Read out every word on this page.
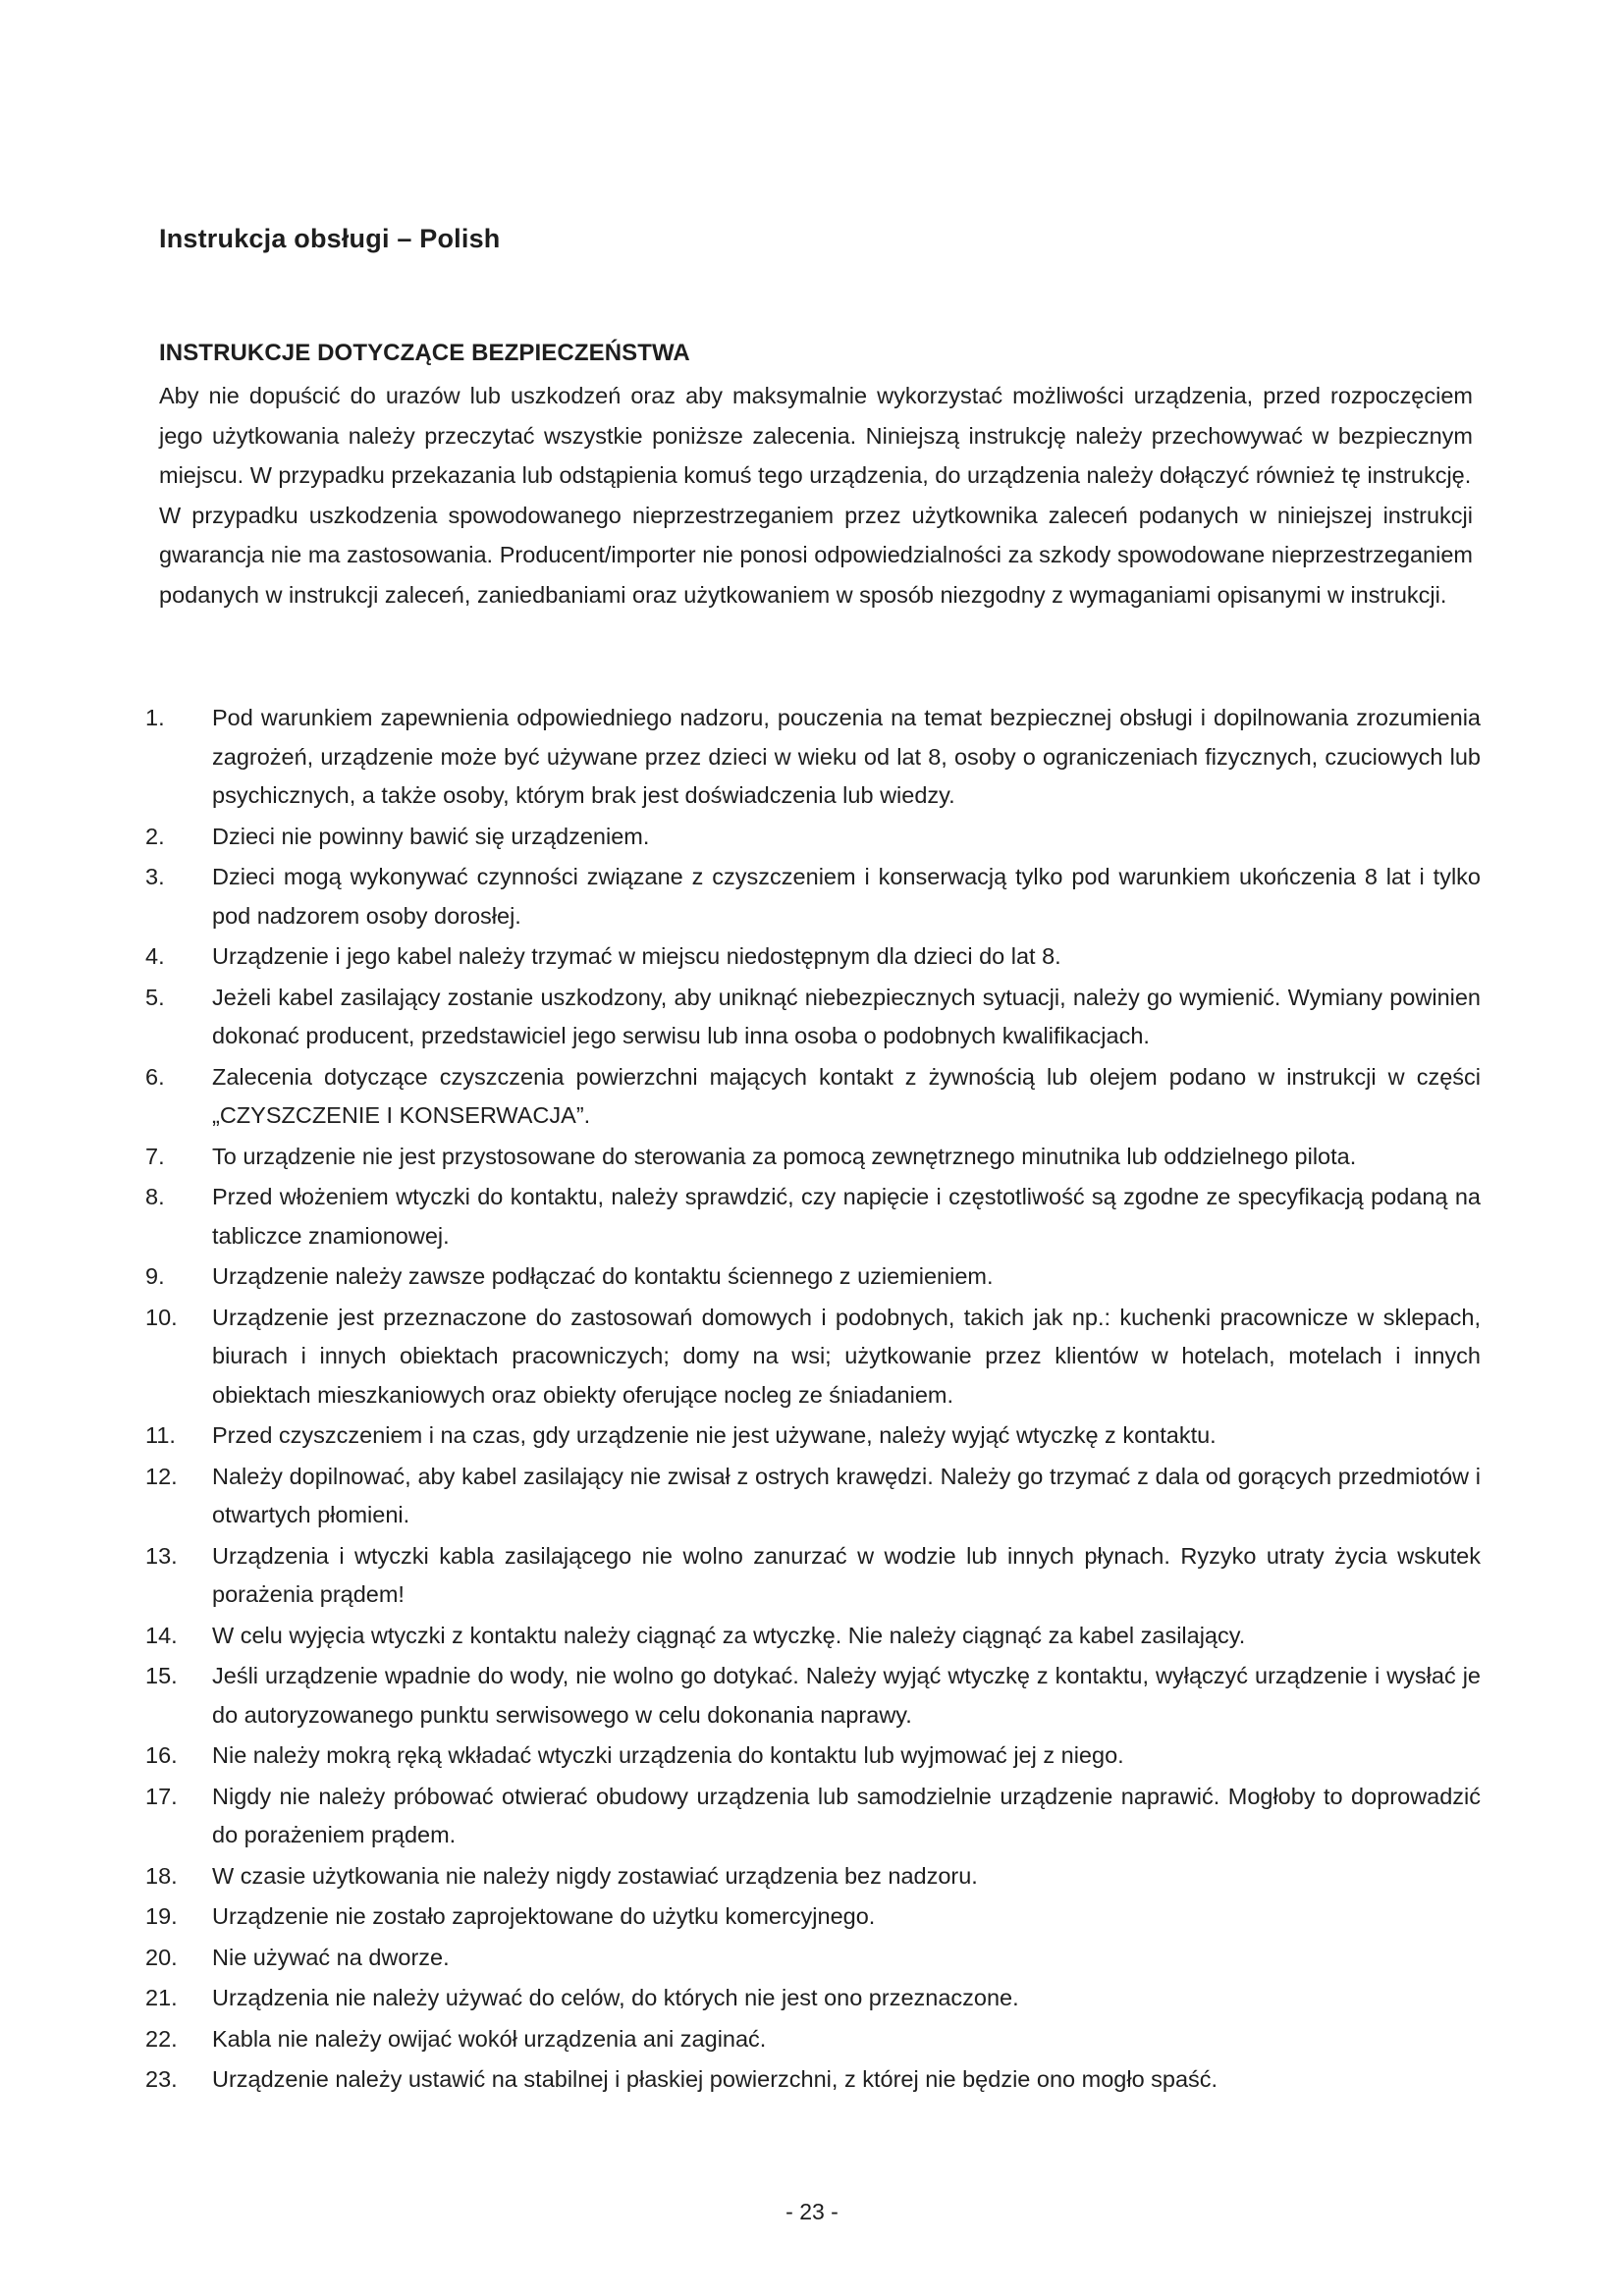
Instrukcja obsługi – Polish
INSTRUKCJE DOTYCZĄCE BEZPIECZEŃSTWA

Aby nie dopuścić do urazów lub uszkodzeń oraz aby maksymalnie wykorzystać możliwości urządzenia, przed rozpoczęciem jego użytkowania należy przeczytać wszystkie poniższe zalecenia. Niniejszą instrukcję należy przechowywać w bezpiecznym miejscu. W przypadku przekazania lub odstąpienia komuś tego urządzenia, do urządzenia należy dołączyć również tę instrukcję.

W przypadku uszkodzenia spowodowanego nieprzestrzeganiem przez użytkownika zaleceń podanych w niniejszej instrukcji gwarancja nie ma zastosowania. Producent/importer nie ponosi odpowiedzialności za szkody spowodowane nieprzestrzeganiem podanych w instrukcji zaleceń, zaniedbaniami oraz użytkowaniem w sposób niezgodny z wymaganiami opisanymi w instrukcji.

1.	Pod warunkiem zapewnienia odpowiedniego nadzoru, pouczenia na temat bezpiecznej obsługi i dopilnowania zrozumienia zagrożeń, urządzenie może być używane przez dzieci w wieku od lat 8, osoby o ograniczeniach fizycznych, czuciowych lub psychicznych, a także osoby, którym brak jest doświadczenia lub wiedzy.
2.	Dzieci nie powinny bawić się urządzeniem.
3.	Dzieci mogą wykonywać czynności związane z czyszczeniem i konserwacją tylko pod warunkiem ukończenia 8 lat i tylko pod nadzorem osoby dorosłej.
4.	Urządzenie i jego kabel należy trzymać w miejscu niedostępnym dla dzieci do lat 8.
5.	Jeżeli kabel zasilający zostanie uszkodzony, aby uniknąć niebezpiecznych sytuacji, należy go wymienić. Wymiany powinien dokonać producent, przedstawiciel jego serwisu lub inna osoba o podobnych kwalifikacjach.
6.	Zalecenia dotyczące czyszczenia powierzchni mających kontakt z żywnością lub olejem podano w instrukcji w części „CZYSZCZENIE I KONSERWACJA”.
7.	To urządzenie nie jest przystosowane do sterowania za pomocą zewnętrznego minutnika lub oddzielnego pilota.
8.	Przed włożeniem wtyczki do kontaktu, należy sprawdzić, czy napięcie i częstotliwość są zgodne ze specyfikacją podaną na tabliczce znamionowej.
9.	Urządzenie należy zawsze podłączać do kontaktu ściennego z uziemieniem.
10.	Urządzenie jest przeznaczone do zastosowań domowych i podobnych, takich jak np.: kuchenki pracownicze w sklepach, biurach i innych obiektach pracowniczych; domy na wsi; użytkowanie przez klientów w hotelach, motelach i innych obiektach mieszkaniowych oraz obiekty oferujące nocleg ze śniadaniem.
11.	Przed czyszczeniem i na czas, gdy urządzenie nie jest używane, należy wyjąć wtyczkę z kontaktu.
12.	Należy dopilnować, aby kabel zasilający nie zwisał z ostrych krawędzi. Należy go trzymać z dala od gorących przedmiotów i otwartych płomieni.
13.	Urządzenia i wtyczki kabla zasilającego nie wolno zanurzać w wodzie lub innych płynach. Ryzyko utraty życia wskutek porażenia prądem!
14.	W celu wyjęcia wtyczki z kontaktu należy ciągnąć za wtyczkę. Nie należy ciągnąć za kabel zasilający.
15.	Jeśli urządzenie wpadnie do wody, nie wolno go dotykać. Należy wyjąć wtyczkę z kontaktu, wyłączyć urządzenie i wysłać je do autoryzowanego punktu serwisowego w celu dokonania naprawy.
16.	Nie należy mokrą ręką wkładać wtyczki urządzenia do kontaktu lub wyjmować jej z niego.
17.	Nigdy nie należy próbować otwierać obudowy urządzenia lub samodzielnie urządzenie naprawić. Mogłoby to doprowadzić do porażeniem prądem.
18.	W czasie użytkowania nie należy nigdy zostawiać urządzenia bez nadzoru.
19.	Urządzenie nie zostało zaprojektowane do użytku komercyjnego.
20.	Nie używać na dworze.
21.	Urządzenia nie należy używać do celów, do których nie jest ono przeznaczone.
22.	Kabla nie należy owijać wokół urządzenia ani zaginać.
23.	Urządzenie należy ustawić na stabilnej i płaskiej powierzchni, z której nie będzie ono mogło spaść.
- 23 -
